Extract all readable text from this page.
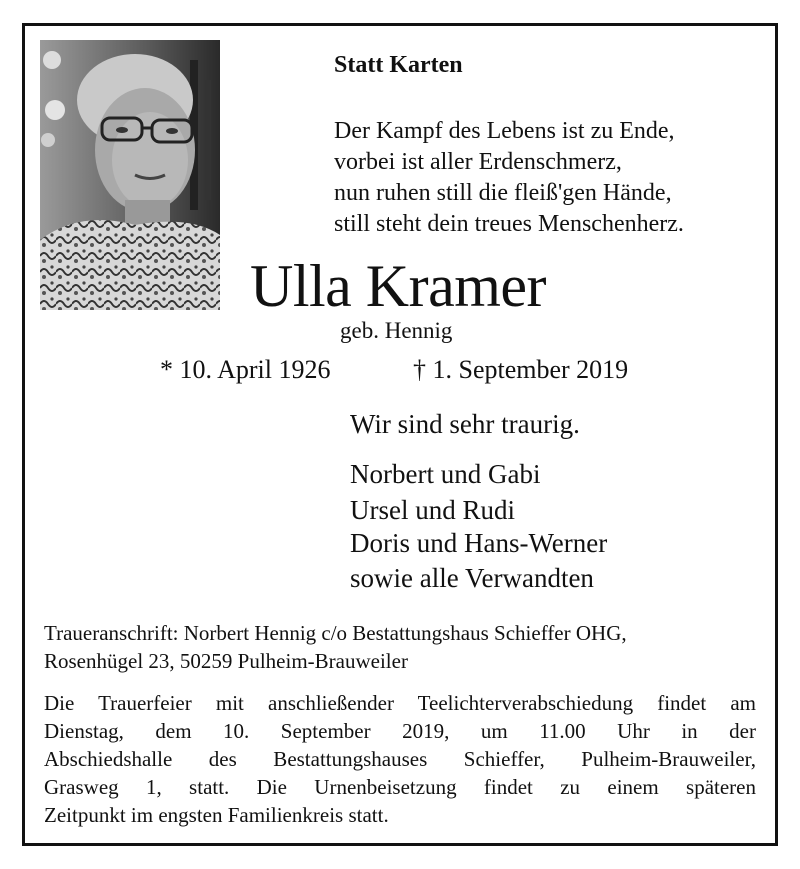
Statt Karten
Der Kampf des Lebens ist zu Ende,
vorbei ist aller Erdenschmerz,
nun ruhen still die fleiß'gen Hände,
still steht dein treues Menschenherz.
Ulla Kramer
geb. Hennig
* 10. April 1926	† 1. September 2019
Wir sind sehr traurig.
Norbert und Gabi
Ursel und Rudi
Doris und Hans-Werner
sowie alle Verwandten
Traueranschrift: Norbert Hennig c/o Bestattungshaus Schieffer OHG,
Rosenhügel 23, 50259 Pulheim-Brauweiler
Die Trauerfeier mit anschließender Teelichterverabschiedung findet am
Dienstag, dem 10. September 2019, um 11.00 Uhr in der
Abschiedshalle des Bestattungshauses Schieffer, Pulheim-Brauweiler,
Grasweg 1, statt. Die Urnenbeisetzung findet zu einem späteren
Zeitpunkt im engsten Familienkreis statt.
